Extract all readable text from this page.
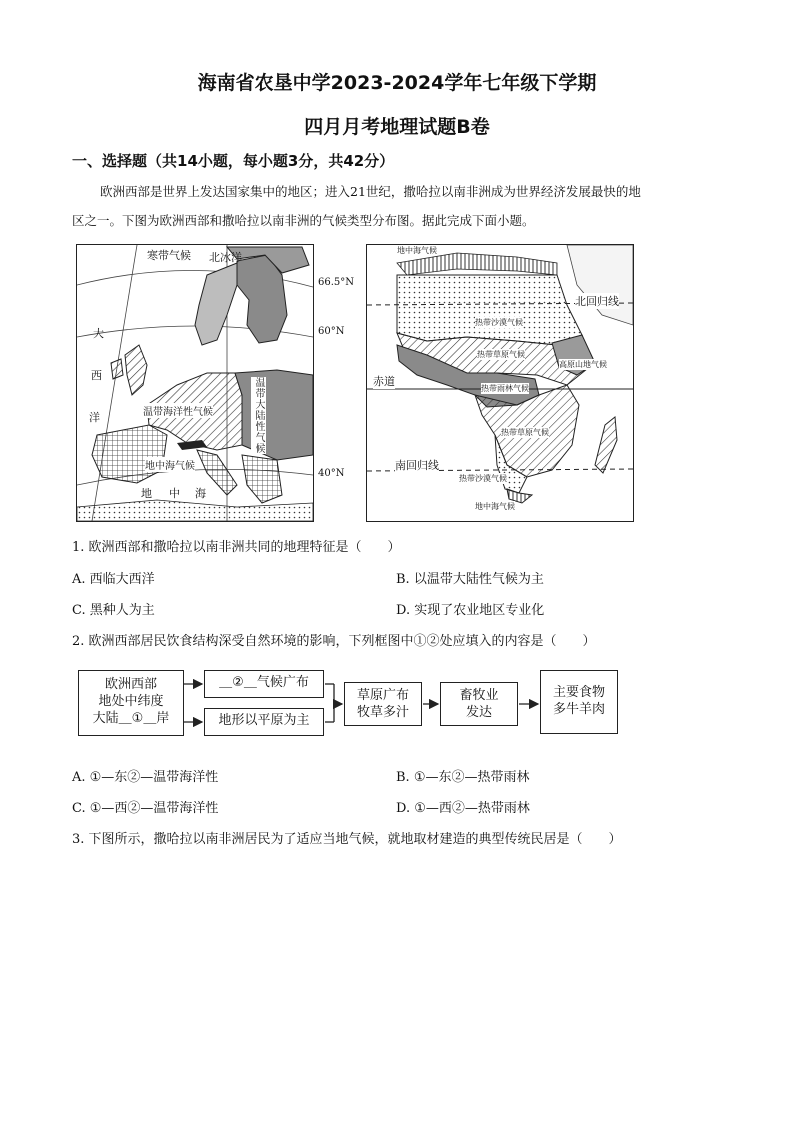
海南省农垦中学2023-2024学年七年级下学期
四月月考地理试题B卷
一、选择题（共14小题，每小题3分，共42分）
欧洲西部是世界上发达国家集中的地区；进入21世纪，撒哈拉以南非洲成为世界经济发展最快的地
区之一。下图为欧洲西部和撒哈拉以南非洲的气候类型分布图。据此完成下面小题。
寒带气候 北冰洋
大
西
洋	温带海洋性气候	温带大陆性气候
地中海气候
地 中 海
66.5°N
60°N
40°N
地中海气候
北回归线
热带沙漠气候
热带草原气候
高原山地气候
赤道
热带雨林气候
热带草原气候
南回归线
热带沙漠气候
地中海气候
1. 欧洲西部和撒哈拉以南非洲共同的地理特征是（　　）
A. 西临大西洋	B. 以温带大陆性气候为主
C. 黑种人为主	D. 实现了农业地区专业化
2. 欧洲西部居民饮食结构深受自然环境的影响，下列框图中①②处应填入的内容是（　　）
欧洲西部
地处中纬度
大陆＿①＿岸
＿②＿气候广布
地形以平原为主
草原广布
牧草多汁
畜牧业
发达
主要食物
多牛羊肉
A. ①—东②—温带海洋性	B. ①—东②—热带雨林
C. ①—西②—温带海洋性	D. ①—西②—热带雨林
3. 下图所示，撒哈拉以南非洲居民为了适应当地气候，就地取材建造的典型传统民居是（　　）
